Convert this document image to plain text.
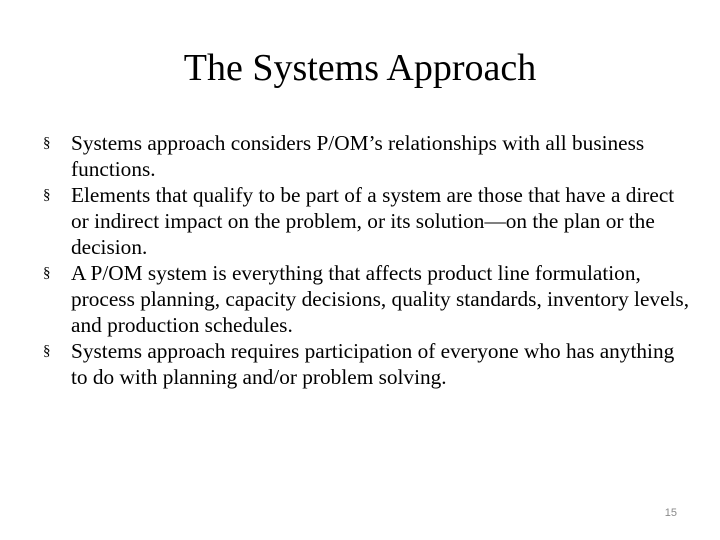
The Systems Approach
§ Systems approach considers P/OM’s relationships with all business functions.
§ Elements that qualify to be part of a system are those that have a direct or indirect impact on the problem, or its solution—on the plan or the decision.
§ A P/OM system is everything that affects product line formulation, process planning, capacity decisions, quality standards, inventory levels, and production schedules.
§ Systems approach requires participation of everyone who has anything to do with planning and/or problem solving.
15
